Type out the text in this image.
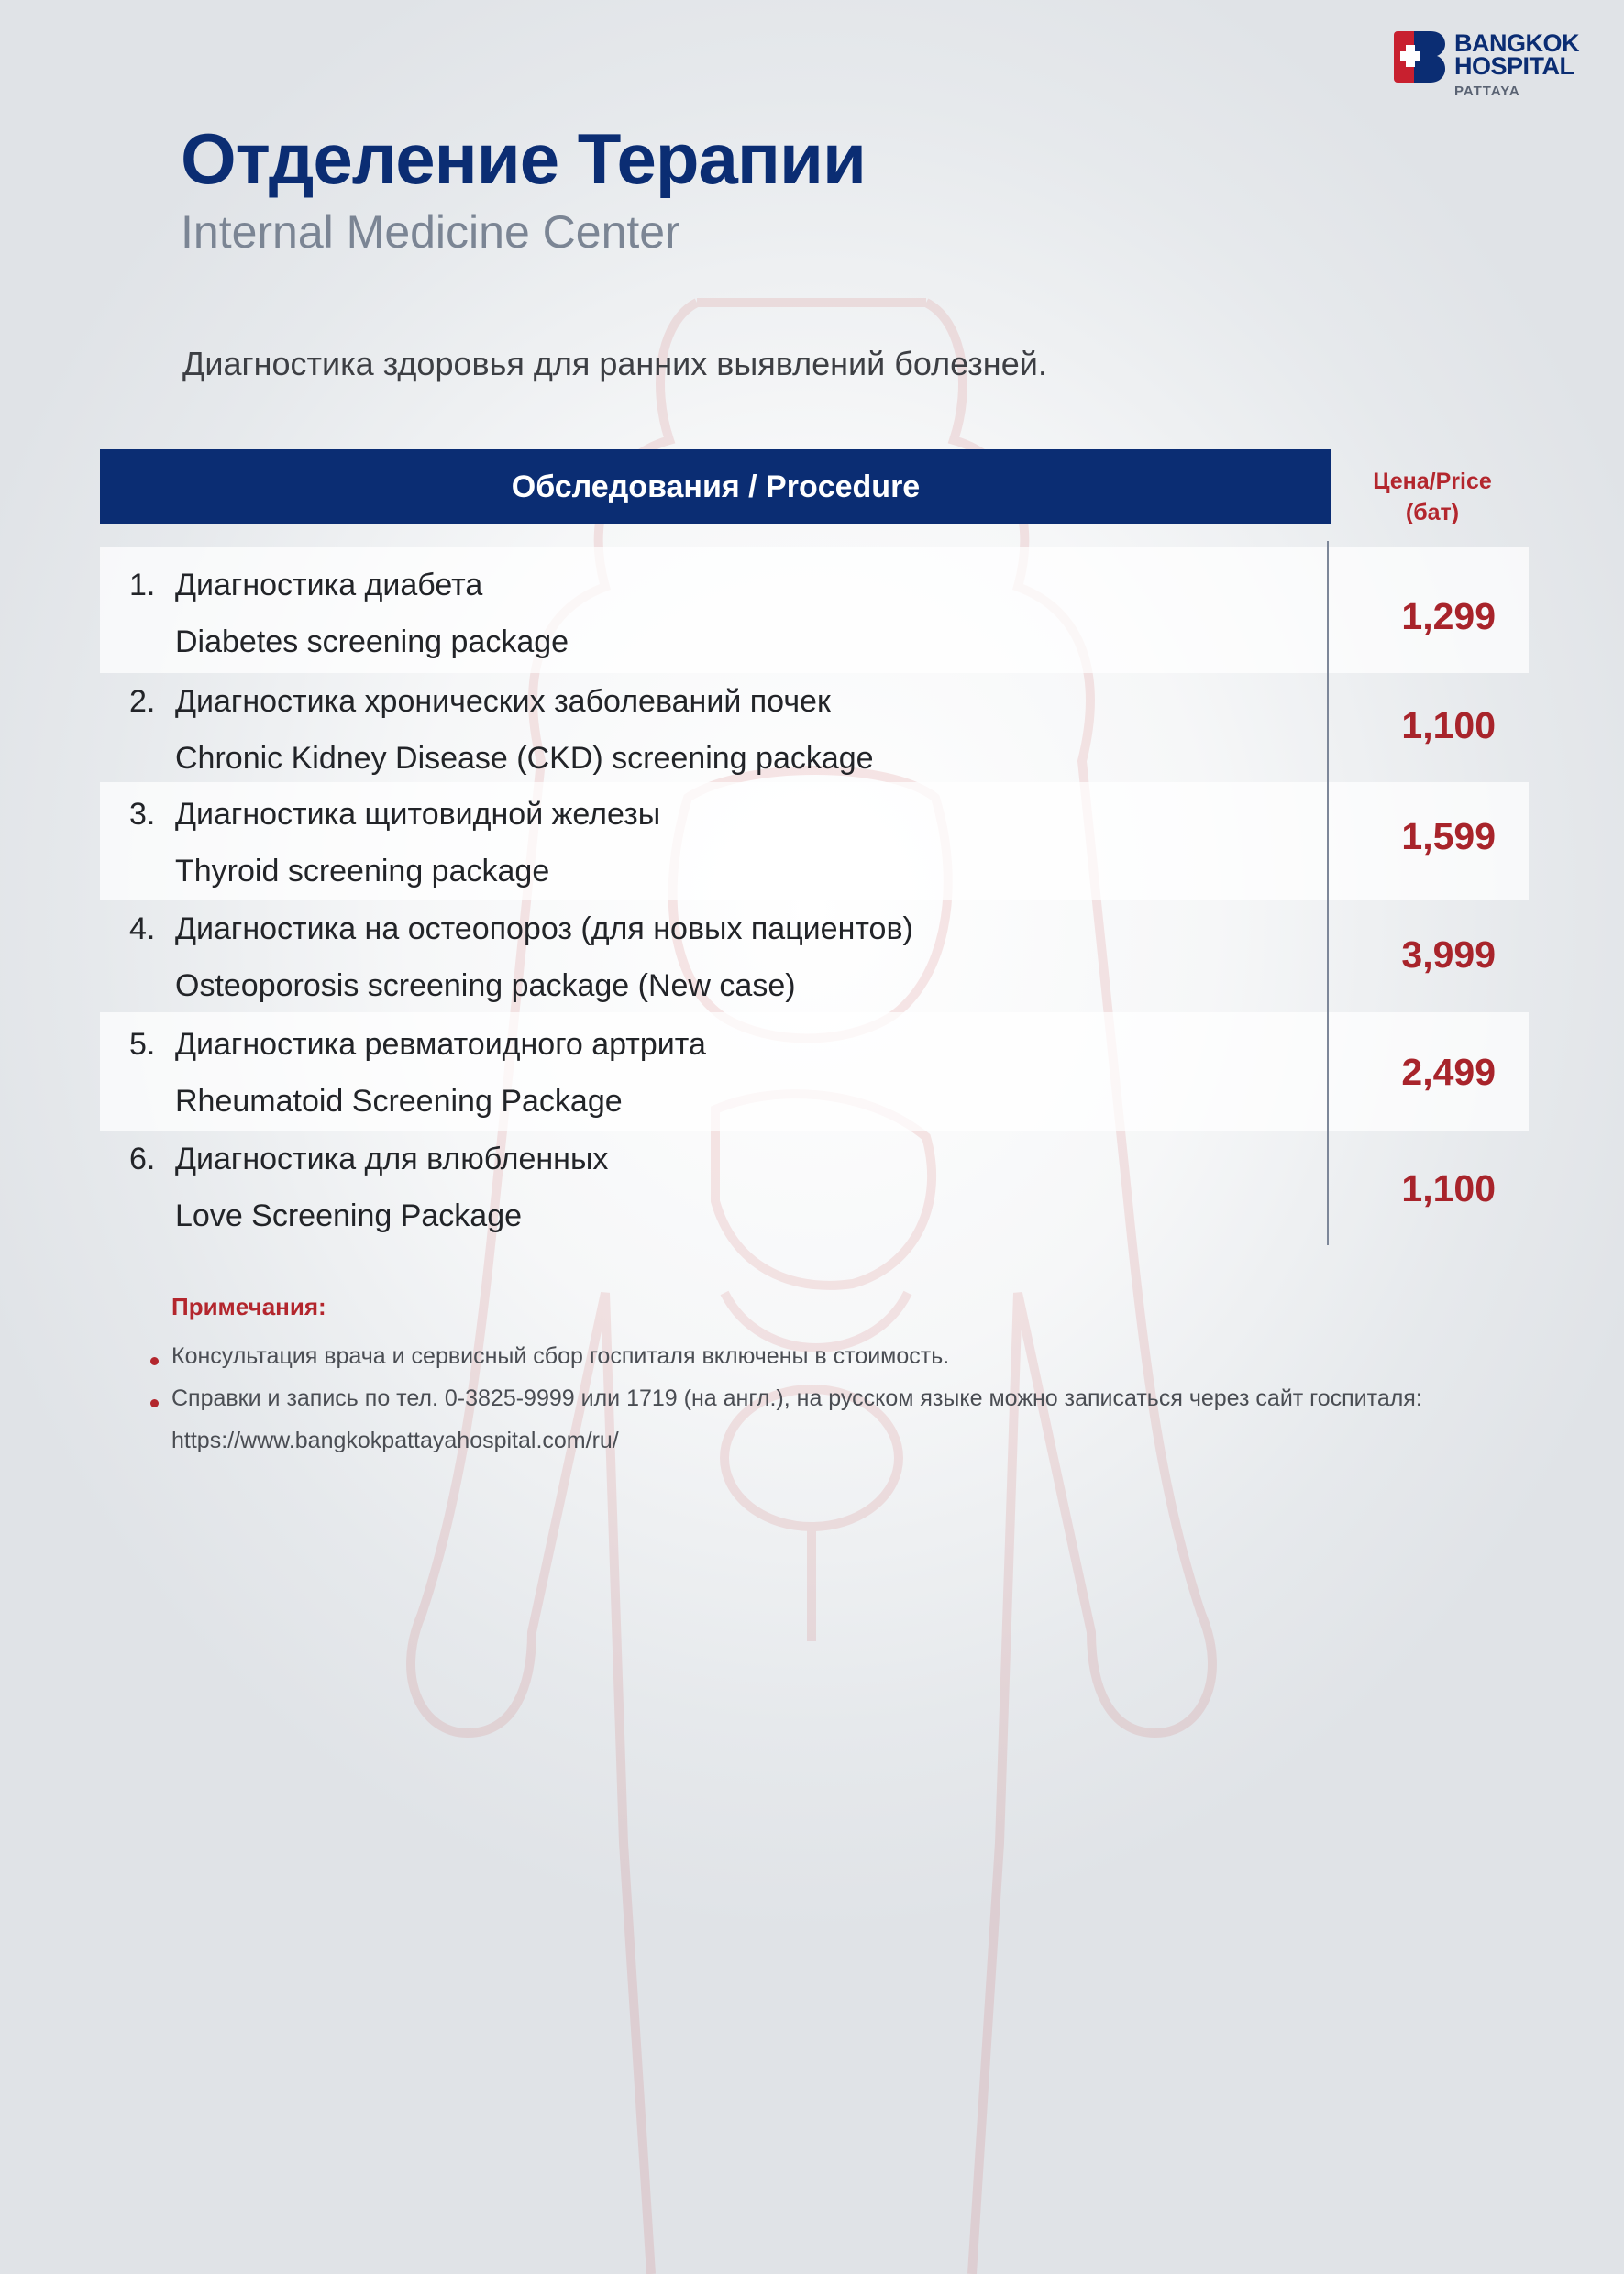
BANGKOK
HOSPITAL
PATTAYA
Отделение Терапии
Internal Medicine Center
Диагностика здоровья для ранних выявлений болезней.
Обследования / Procedure	Цена/Price
(бат)
1. Диагностика диабета
Diabetes screening package
1,299
2. Диагностика хронических заболеваний почек
Chronic Kidney Disease (CKD) screening package
1,100
3. Диагностика щитовидной железы
Thyroid screening package
1,599
4. Диагностика на остеопороз (для новых пациентов)
Osteoporosis screening package (New case)
3,999
5. Диагностика ревматоидного артрита
Rheumatoid Screening Package
2,499
6. Диагностика для влюбленных
Love Screening Package
1,100
Примечания:
Консультация врача и сервисный сбор госпиталя включены в стоимость.
Справки и запись по тел. 0-3825-9999 или 1719 (на англ.), на русском языке можно записаться через сайт госпиталя:
https://www.bangkokpattayahospital.com/ru/
